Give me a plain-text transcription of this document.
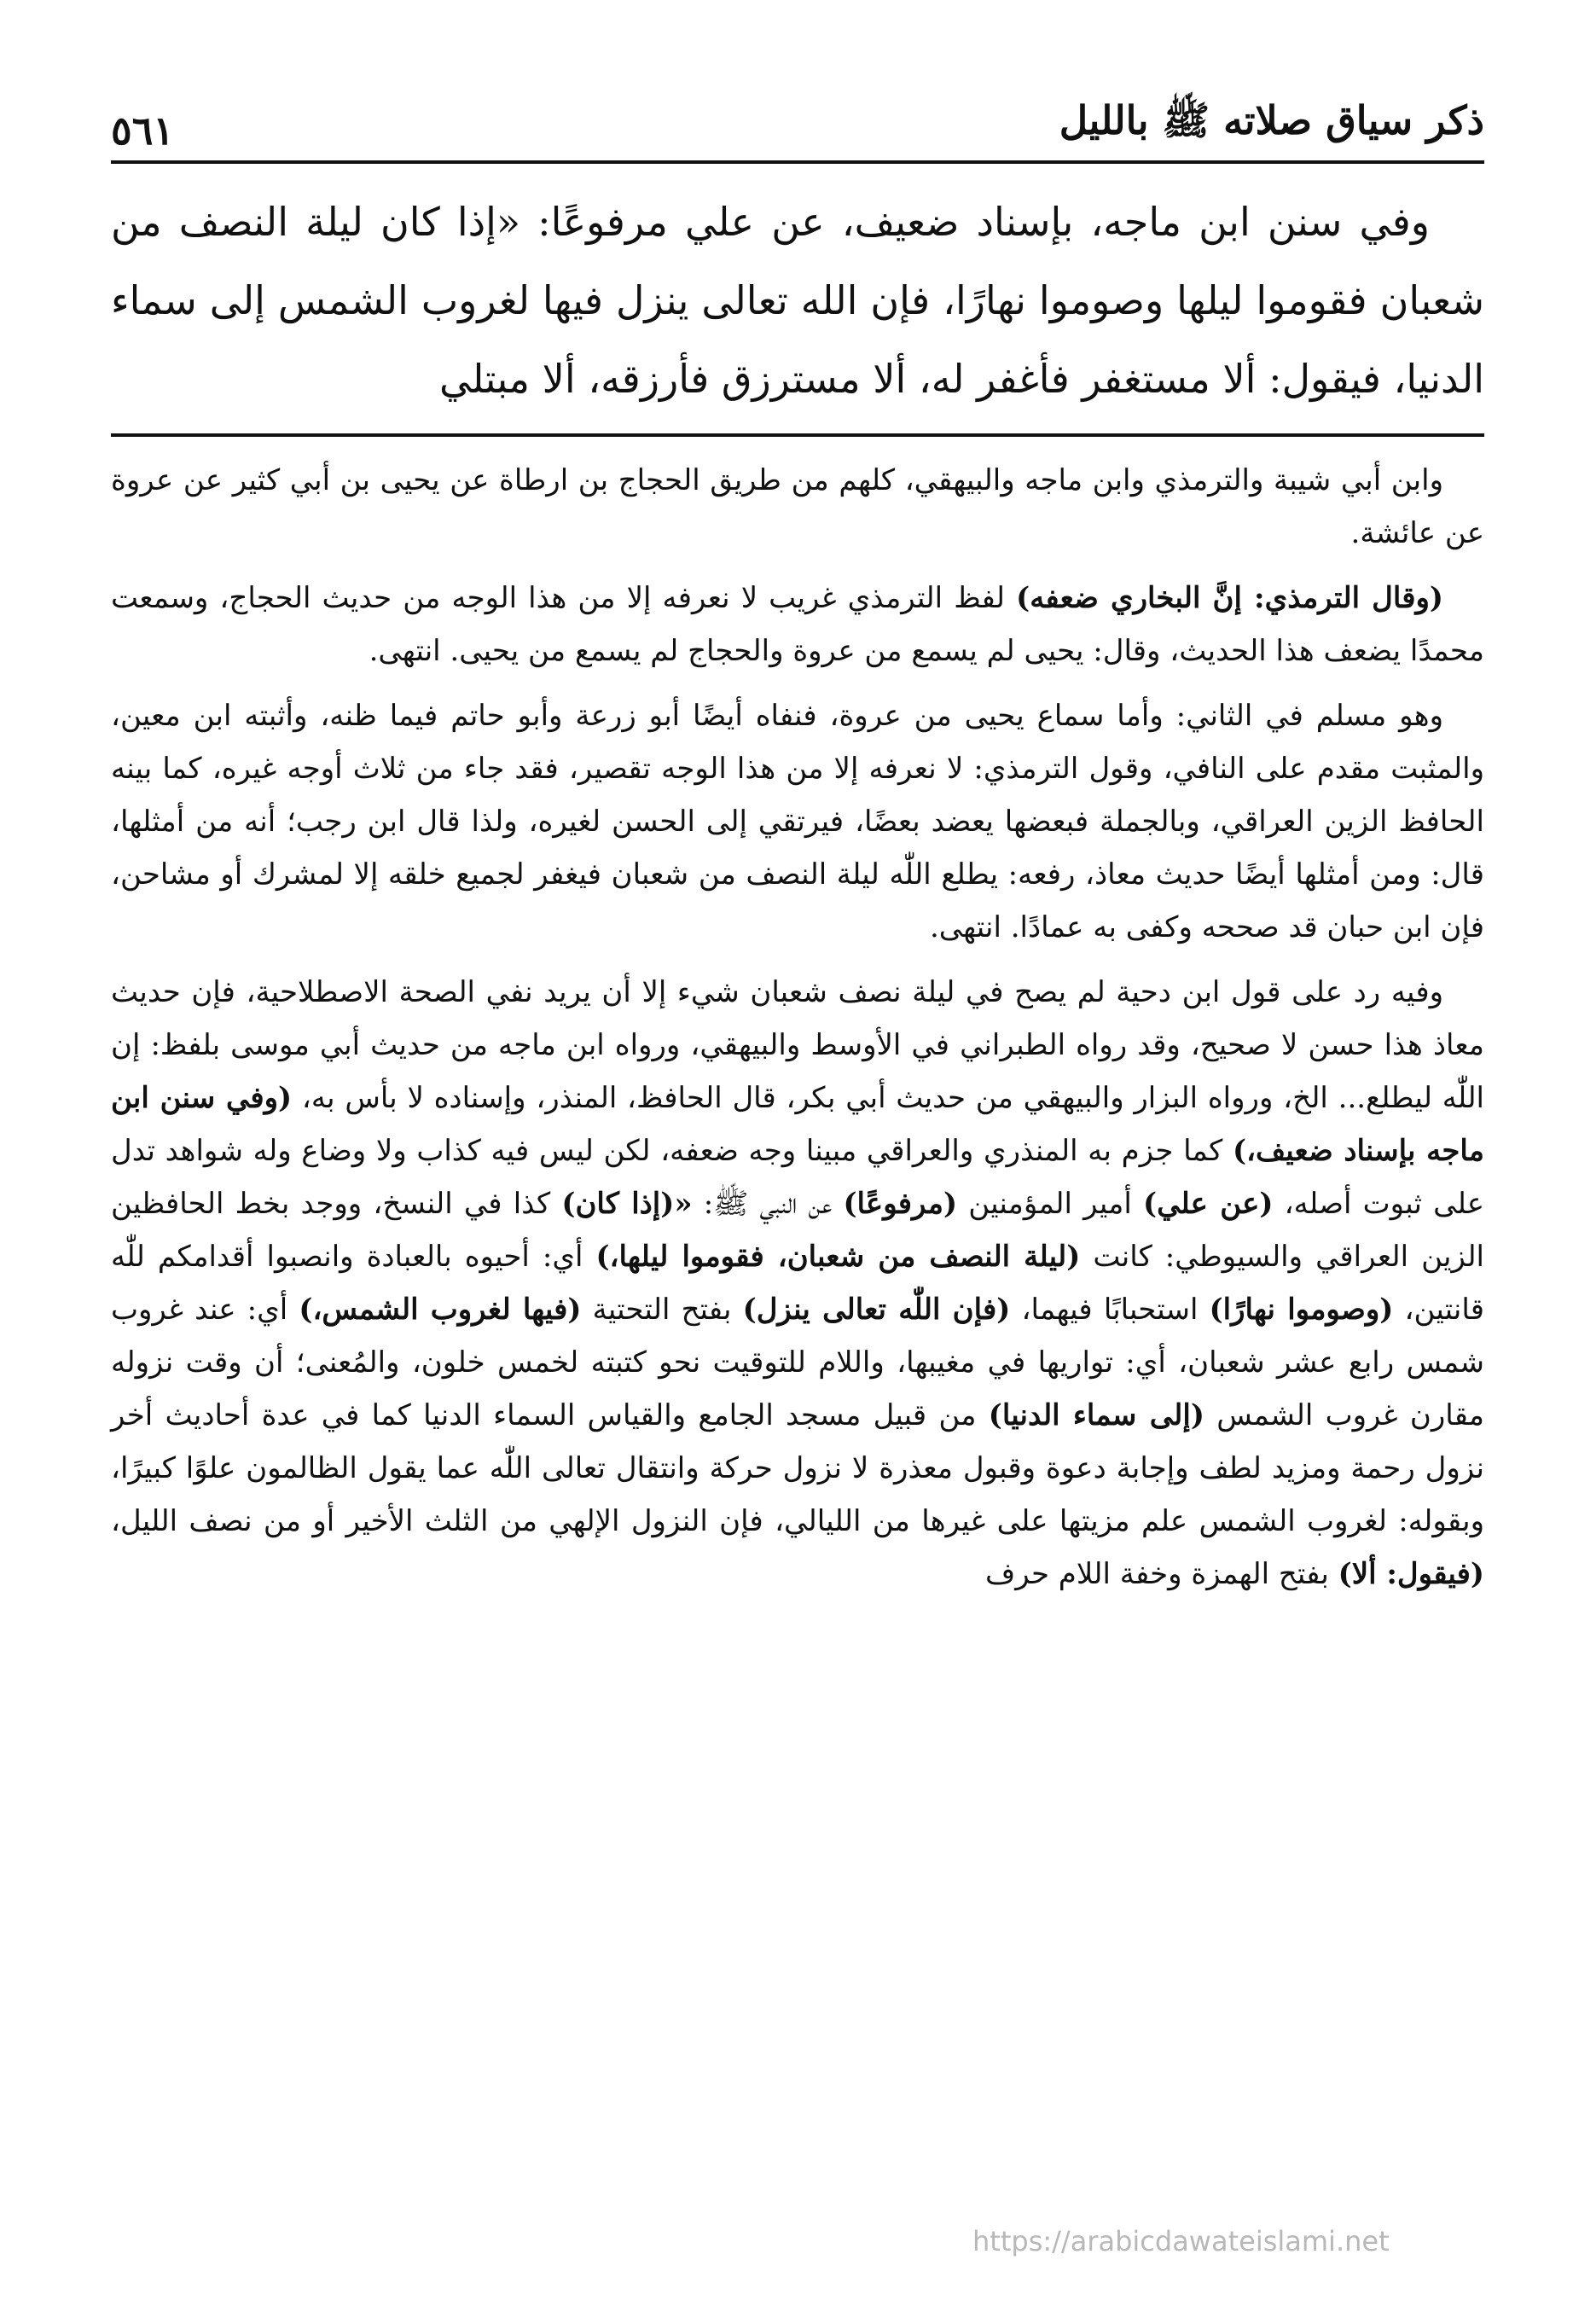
ذكر سياق صلاته ﷺ بالليل
٥٦١

وفي سنن ابن ماجه، بإسناد ضعيف، عن علي مرفوعًا: «إذا كان ليلة النصف من شعبان فقوموا ليلها وصوموا نهارًا، فإن الله تعالى ينزل فيها لغروب الشمس إلى سماء الدنيا، فيقول: ألا مستغفر فأغفر له، ألا مسترزق فأرزقه، ألا مبتلي

وابن أبي شيبة والترمذي وابن ماجه والبيهقي، كلهم من طريق الحجاج بن ارطاة عن يحيى بن أبي كثير عن عروة عن عائشة.

(وقال الترمذي: إنَّ البخاري ضعفه) لفظ الترمذي غريب لا نعرفه إلا من هذا الوجه من حديث الحجاج، وسمعت محمدًا يضعف هذا الحديث، وقال: يحيى لم يسمع من عروة والحجاج لم يسمع من يحيى. انتهى.

وهو مسلم في الثاني: وأما سماع يحيى من عروة، فنفاه أيضًا أبو زرعة وأبو حاتم فيما ظنه، وأثبته ابن معين، والمثبت مقدم على النافي، وقول الترمذي: لا نعرفه إلا من هذا الوجه تقصير، فقد جاء من ثلاث أوجه غيره، كما بينه الحافظ الزين العراقي، وبالجملة فبعضها يعضد بعضًا، فيرتقي إلى الحسن لغيره، ولذا قال ابن رجب؛ أنه من أمثلها، قال: ومن أمثلها أيضًا حديث معاذ، رفعه: يطلع اللّٰه ليلة النصف من شعبان فيغفر لجميع خلقه إلا لمشرك أو مشاحن، فإن ابن حبان قد صححه وكفى به عمادًا. انتهى.

وفيه رد على قول ابن دحية لم يصح في ليلة نصف شعبان شيء إلا أن يريد نفي الصحة الاصطلاحية، فإن حديث معاذ هذا حسن لا صحيح، وقد رواه الطبراني في الأوسط والبيهقي، ورواه ابن ماجه من حديث أبي موسى بلفظ: إن اللّٰه ليطلع... الخ، ورواه البزار والبيهقي من حديث أبي بكر، قال الحافظ، المنذر، وإسناده لا بأس به، (وفي سنن ابن ماجه بإسناد ضعيف،) كما جزم به المنذري والعراقي مبينا وجه ضعفه، لكن ليس فيه كذاب ولا وضاع وله شواهد تدل على ثبوت أصله، (عن علي) أمير المؤمنين (مرفوعًا) عن النبي ﷺ: «(إذا كان) كذا في النسخ، ووجد بخط الحافظين الزين العراقي والسيوطي: كانت (ليلة النصف من شعبان، فقوموا ليلها،) أي: أحيوه بالعبادة وانصبوا أقدامكم للّٰه قانتين، (وصوموا نهارًا) استحبابًا فيهما، (فإن اللّٰه تعالى ينزل) بفتح التحتية (فيها لغروب الشمس،) أي: عند غروب شمس رابع عشر شعبان، أي: تواريها في مغيبها، واللام للتوقيت نحو كتبته لخمس خلون، والمُعنى؛ أن وقت نزوله مقارن غروب الشمس (إلى سماء الدنيا) من قبيل مسجد الجامع والقياس السماء الدنيا كما في عدة أحاديث أخر نزول رحمة ومزيد لطف وإجابة دعوة وقبول معذرة لا نزول حركة وانتقال تعالى اللّٰه عما يقول الظالمون علوًا كبيرًا، وبقوله: لغروب الشمس علم مزيتها على غيرها من الليالي، فإن النزول الإلهي من الثلث الأخير أو من نصف الليل، (فيقول: ألا) بفتح الهمزة وخفة اللام حرف

https://arabicdawateislami.net
